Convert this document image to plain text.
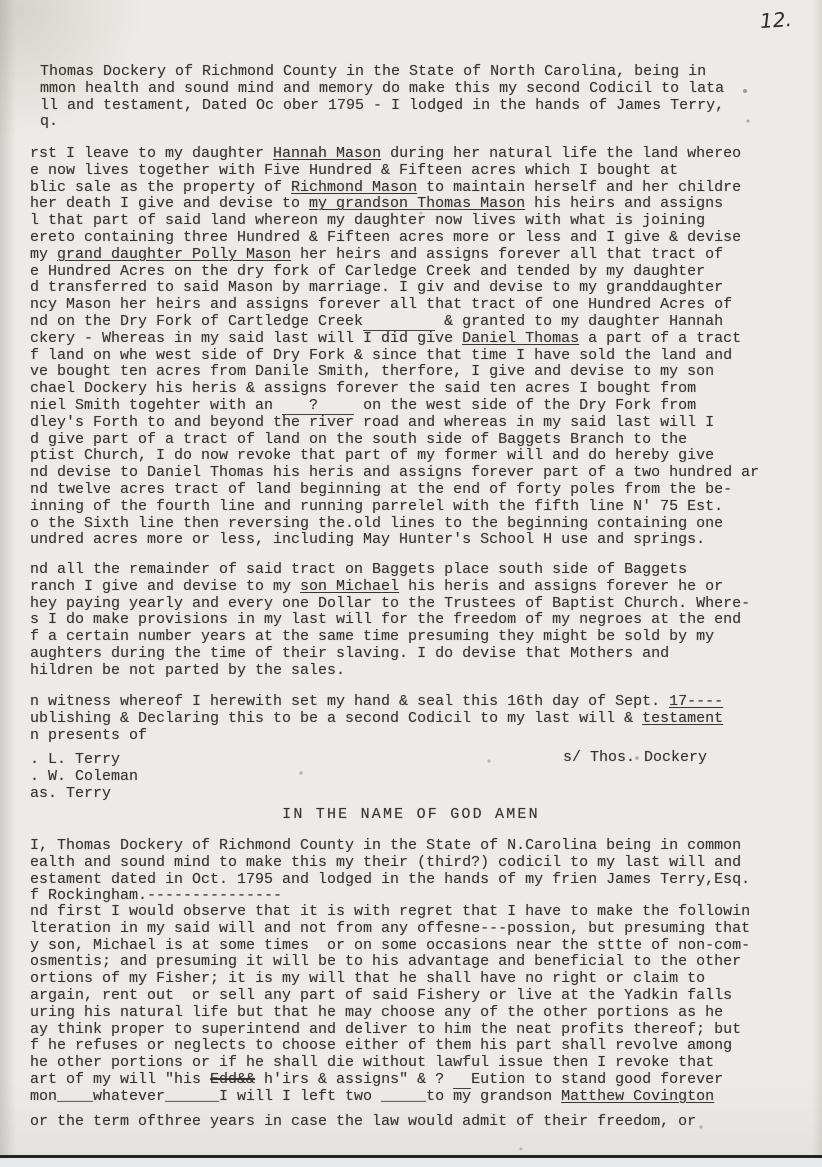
12.
Thomas Dockery of Richmond County in the State of North Carolina, being in
mmon health and sound mind and memory do make this my second Codicil to lata
ll and testament, Dated Oc ober 1795 - I lodged in the hands of James Terry,
q.
rst I leave to my daughter Hannah Mason during her natural life the land whereo
e now lives together with Five Hundred & Fifteen acres which I bought at
blic sale as the property of Richmond Mason to maintain herself and her childre
her death I give and devise to my grandson Thomas Mason his heirs and assigns
l that part of said land whereon my daughter now lives with what is joining
ereto containing three Hundred & Fifteen acres more or less and I give & devise
my grand daughter Polly Mason her heirs and assigns forever all that tract of
e Hundred Acres on the dry fork of Carledge Creek and tended by my daughter
d transferred to said Mason by marriage. I giv and devise to my granddaughter
ncy Mason her heirs and assigns forever all that tract of one Hundred Acres of
nd on the Dry Fork of Cartledge Creek	& granted to my daughter Hannah
ckery - Whereas in my said last will I did give Daniel Thomas a part of a tract
f land on whe west side of Dry Fork & since that time I have sold the land and
ve bought ten acres from Danile Smith, therfore, I give and devise to my son
chael Dockery his heris & assigns forever the said ten acres I bought from
niel Smith togehter with an    ?     on the west side of the Dry Fork from
dley's Forth to and beyond the river road and whereas in my said last will I
d give part of a tract of land on the south side of Baggets Branch to the
ptist Church, I do now revoke that part of my former will and do hereby give
nd devise to Daniel Thomas his heris and assigns forever part of a two hundred ar
nd twelve acres tract of land beginning at the end of forty poles from the be-
inning of the fourth line and running parrelel with the fifth line N' 75 Est.
o the Sixth line then reversing the.old lines to the beginning containing one
undred acres more or less, including May Hunter's School H use and springs.
nd all the remainder of said tract on Baggets place south side of Baggets
ranch I give and devise to my son Michael his heris and assigns forever he or
hey paying yearly and every one Dollar to the Trustees of Baptist Church. Where-
s I do make provisions in my last will for the freedom of my negroes at the end
f a certain number years at the same time presuming they might be sold by my
aughters during the time of their slaving. I do devise that Mothers and
hildren be not parted by the sales.
n witness whereof I herewith set my hand & seal this 16th day of Sept. 17----
ublishing & Declaring this to be a second Codicil to my last will & testament
n presents of
. L. Terry
. W. Coleman
as. Terry
s/ Thos. Dockery
IN THE NAME OF GOD AMEN
I, Thomas Dockery of Richmond County in the State of N.Carolina being in common
ealth and sound mind to make this my their (third?) codicil to my last will and
estament dated in Oct. 1795 and lodged in the hands of my frien James Terry,Esq.
f Rockingham.---------------
nd first I would observe that it is with regret that I have to make the followin
lteration in my said will and not from any offesne---possion, but presuming that
y son, Michael is at some times  or on some occasions near the sttte of non-com-
osmentis; and presuming it will be to his advantage and beneficial to the other
ortions of my Fisher; it is my will that he shall have no right or claim to
argain, rent out  or sell any part of said Fishery or live at the Yadkin falls
uring his natural life but that he may choose any of the other portions as he
ay think proper to superintend and deliver to him the neat profits thereof; but
f he refuses or neglects to choose either of them his part shall revolve among
he other portions or if he shall die without lawful issue then I revoke that
art of my will "his Edd&& h'irs & assigns" & ?   Eution to stand good forever
mon____whatever______I will I left two _____to my grandson Matthew Covington
or the term ofthree years in case the law would admit of their freedom, or
